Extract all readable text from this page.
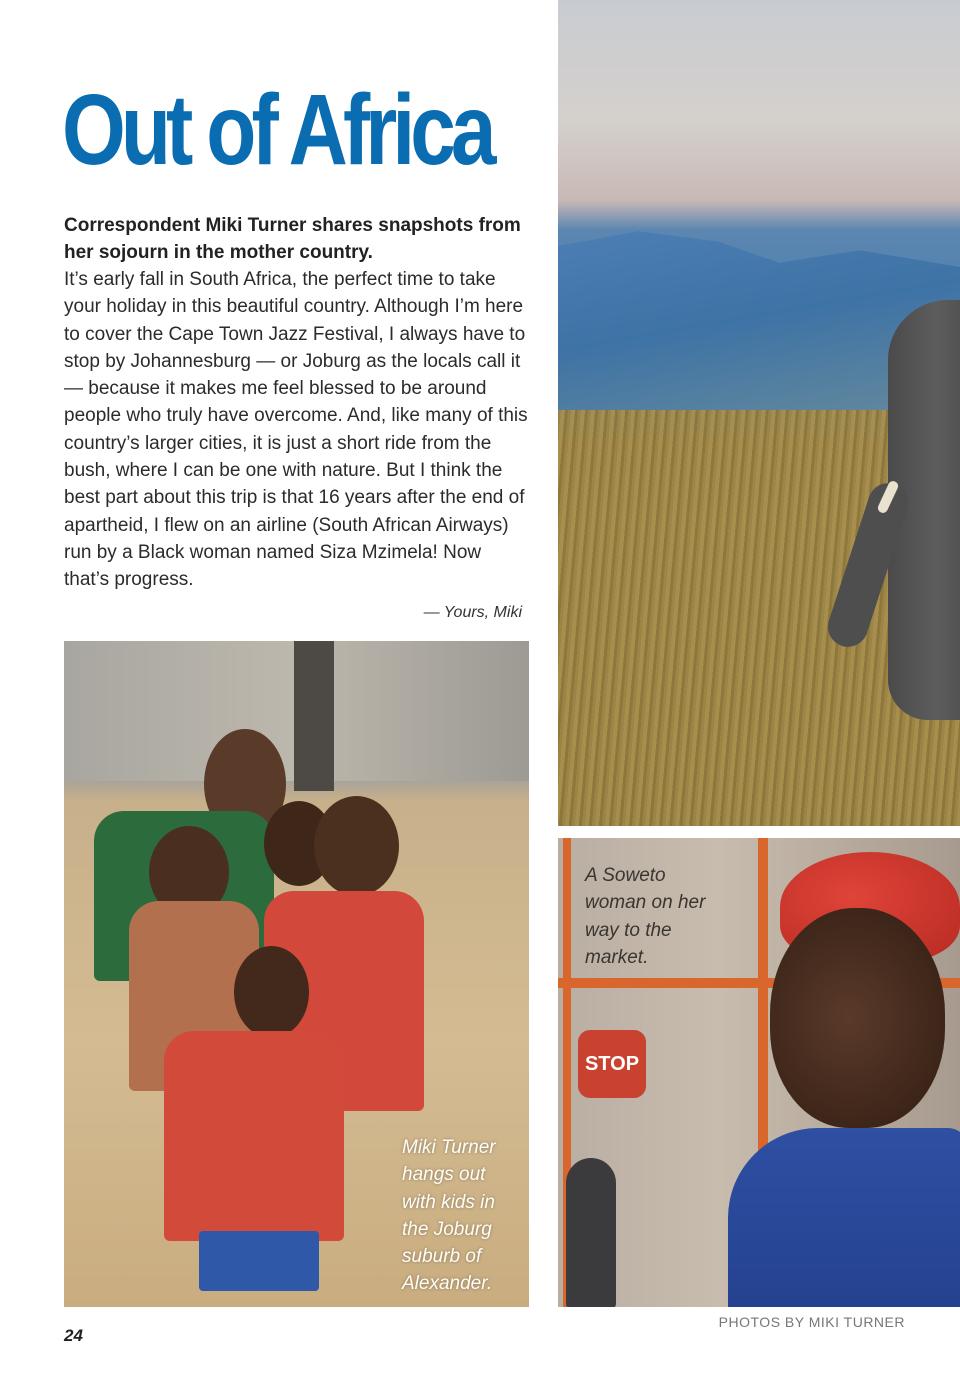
Out of Africa
Correspondent Miki Turner shares snapshots from her sojourn in the mother country.
It’s early fall in South Africa, the perfect time to take your holiday in this beautiful country. Although I’m here to cover the Cape Town Jazz Festival, I always have to stop by Johannesburg — or Joburg as the locals call it — because it makes me feel blessed to be around people who truly have overcome. And, like many of this country’s larger cities, it is just a short ride from the bush, where I can be one with nature. But I think the best part about this trip is that 16 years after the end of apartheid, I flew on an airline (South African Airways) run by a Black woman named Siza Mzimela! Now that’s progress.
— Yours, Miki
STOP
Miki Turner hangs out with kids in the Joburg suburb of Alexander.
A Soweto woman on her way to the market.
PHOTOS BY MIKI TURNER
24
